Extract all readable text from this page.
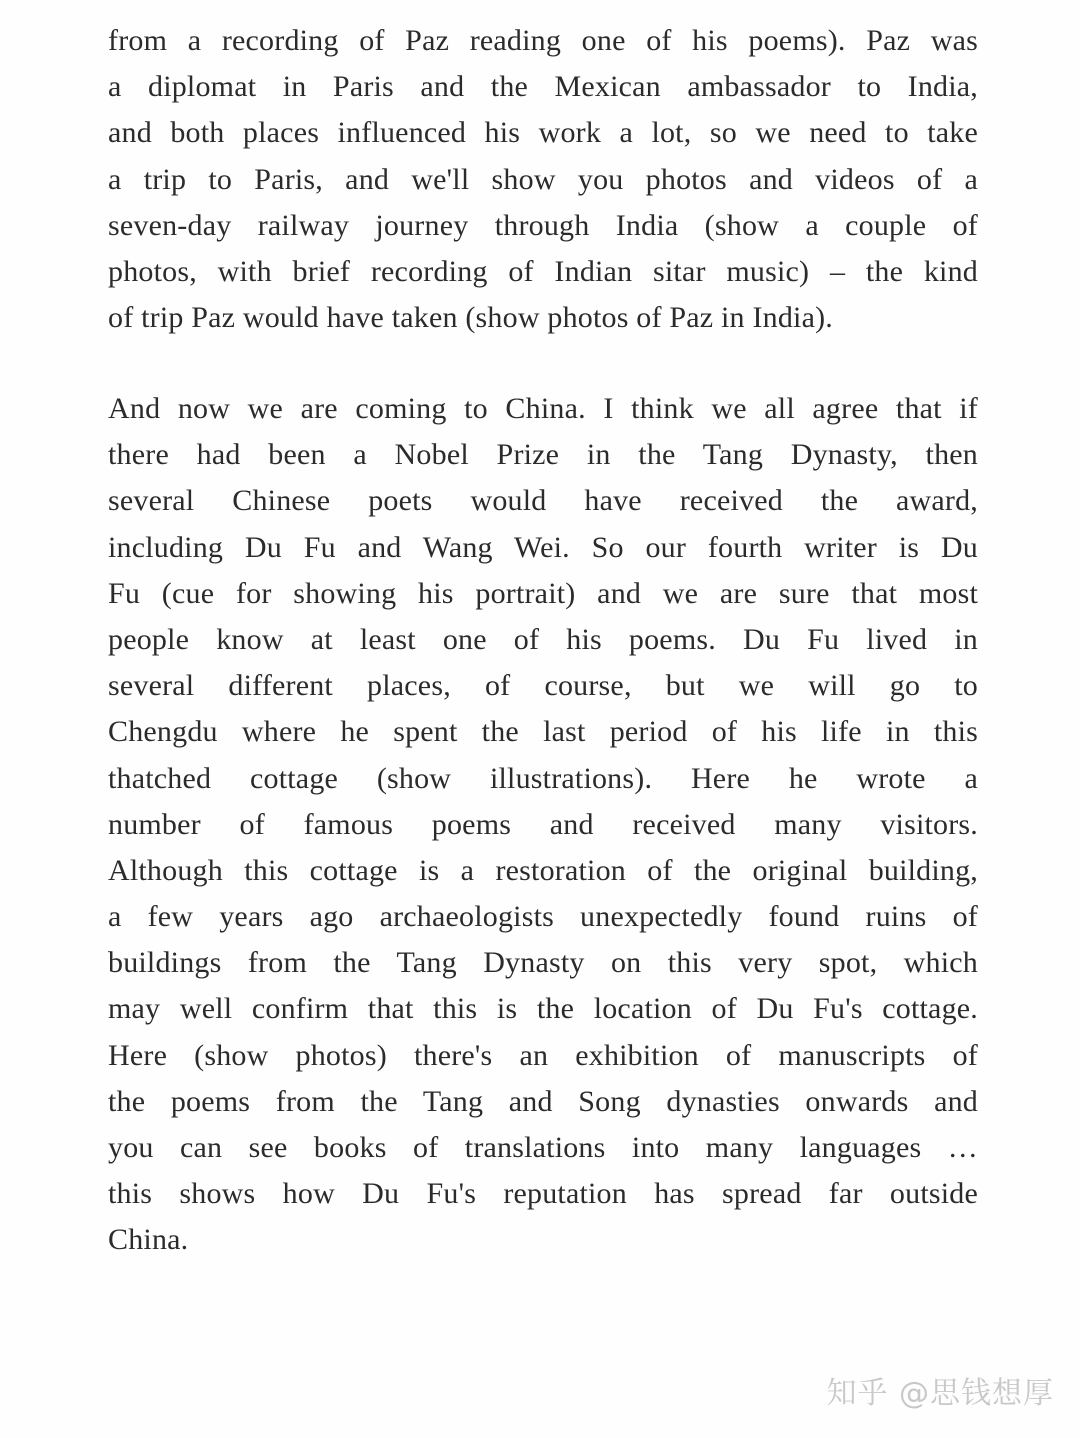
from a recording of Paz reading one of his poems). Paz was
a diplomat in Paris and the Mexican ambassador to India,
and both places influenced his work a lot, so we need to take
a trip to Paris, and we'll show you photos and videos of a
seven-day railway journey through India (show a couple of
photos, with brief recording of Indian sitar music) – the kind
of trip Paz would have taken (show photos of Paz in India).
And now we are coming to China. I think we all agree that if
there had been a Nobel Prize in the Tang Dynasty, then
several Chinese poets would have received the award,
including Du Fu and Wang Wei. So our fourth writer is Du
Fu (cue for showing his portrait) and we are sure that most
people know at least one of his poems. Du Fu lived in
several different places, of course, but we will go to
Chengdu where he spent the last period of his life in this
thatched cottage (show illustrations). Here he wrote a
number of famous poems and received many visitors.
Although this cottage is a restoration of the original building,
a few years ago archaeologists unexpectedly found ruins of
buildings from the Tang Dynasty on this very spot, which
may well confirm that this is the location of Du Fu's cottage.
Here (show photos) there's an exhibition of manuscripts of
the poems from the Tang and Song dynasties onwards and
you can see books of translations into many languages …
this shows how Du Fu's reputation has spread far outside
China.
知乎 @思钱想厚
